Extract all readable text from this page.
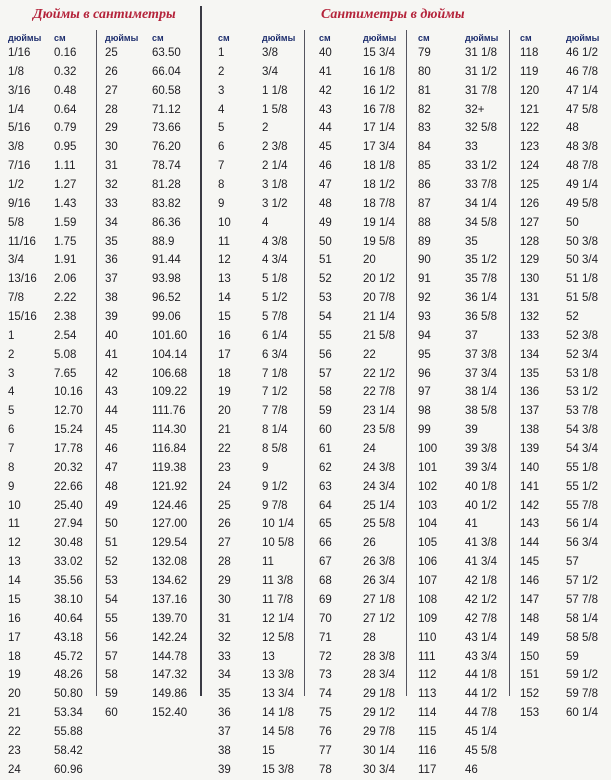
Дюймы в сантиметры	Сантиметры в дюймы
дюймы
1/16
1/8
3/16
1/4
5/16
3/8
7/16
1/2
9/16
5/8
11/16
3/4
13/16
7/8
15/16
1
2
3
4
5
6
7
8
9
10
11
12
13
14
15
16
17
18
19
20
21
22
23
24
см
0.16
0.32
0.48
0.64
0.79
0.95
1.11
1.27
1.43
1.59
1.75
1.91
2.06
2.22
2.38
2.54
5.08
7.65
10.16
12.70
15.24
17.78
20.32
22.66
25.40
27.94
30.48
33.02
35.56
38.10
40.64
43.18
45.72
48.26
50.80
53.34
55.88
58.42
60.96
дюймы
25
26
27
28
29
30
31
32
33
34
35
36
37
38
39
40
41
42
43
44
45
46
47
48
49
50
51
52
53
54
55
56
57
58
59
60
см
63.50
66.04
60.58
71.12
73.66
76.20
78.74
81.28
83.82
86.36
88.9
91.44
93.98
96.52
99.06
101.60
104.14
106.68
109.22
111.76
114.30
116.84
119.38
121.92
124.46
127.00
129.54
132.08
134.62
137.16
139.70
142.24
144.78
147.32
149.86
152.40
см
1
2
3
4
5
6
7
8
9
10
11
12
13
14
15
16
17
18
19
20
21
22
23
24
25
26
27
28
29
30
31
32
33
34
35
36
37
38
39
дюймы
3/8
3/4
1 1/8
1 5/8
2
2 3/8
2 1/4
3 1/8
3 1/2
4
4 3/8
4 3/4
5 1/8
5 1/2
5 7/8
6 1/4
6 3/4
7 1/8
7 1/2
7 7/8
8 1/4
8 5/8
9
9 1/2
9 7/8
10 1/4
10 5/8
11
11 3/8
11 7/8
12 1/4
12 5/8
13
13 3/8
13 3/4
14 1/8
14 5/8
15
15 3/8
см
40
41
42
43
44
45
46
47
48
49
50
51
52
53
54
55
56
57
58
59
60
61
62
63
64
65
66
67
68
69
70
71
72
73
74
75
76
77
78
дюймы
15 3/4
16 1/8
16 1/2
16 7/8
17 1/4
17 3/4
18 1/8
18 1/2
18 7/8
19 1/4
19 5/8
20
20 1/2
20 7/8
21 1/4
21 5/8
22
22 1/2
22 7/8
23 1/4
23 5/8
24
24 3/8
24 3/4
25 1/4
25 5/8
26
26 3/8
26 3/4
27 1/8
27 1/2
28
28 3/8
28 3/4
29 1/8
29 1/2
29 7/8
30 1/4
30 3/4
см
79
80
81
82
83
84
85
86
87
88
89
90
91
92
93
94
95
96
97
98
99
100
101
102
103
104
105
106
107
108
109
110
111
112
113
114
115
116
117
дюймы
31 1/8
31 1/2
31 7/8
32+
32 5/8
33
33 1/2
33 7/8
34 1/4
34 5/8
35
35 1/2
35 7/8
36 1/4
36 5/8
37
37 3/8
37 3/4
38 1/4
38 5/8
39
39 3/8
39 3/4
40 1/8
40 1/2
41
41 3/8
41 3/4
42 1/8
42 1/2
42 7/8
43 1/4
43 3/4
44 1/8
44 1/2
44 7/8
45 1/4
45 5/8
46
см
118
119
120
121
122
123
124
125
126
127
128
129
130
131
132
133
134
135
136
137
138
139
140
141
142
143
144
145
146
147
148
149
150
151
152
153
дюймы
46 1/2
46 7/8
47 1/4
47 5/8
48
48 3/8
48 7/8
49 1/4
49 5/8
50
50 3/8
50 3/4
51 1/8
51 5/8
52
52 3/8
52 3/4
53 1/8
53 1/2
53 7/8
54 3/8
54 3/4
55 1/8
55 1/2
55 7/8
56 1/4
56 3/4
57
57 1/2
57 7/8
58 1/4
58 5/8
59
59 1/2
59 7/8
60 1/4
